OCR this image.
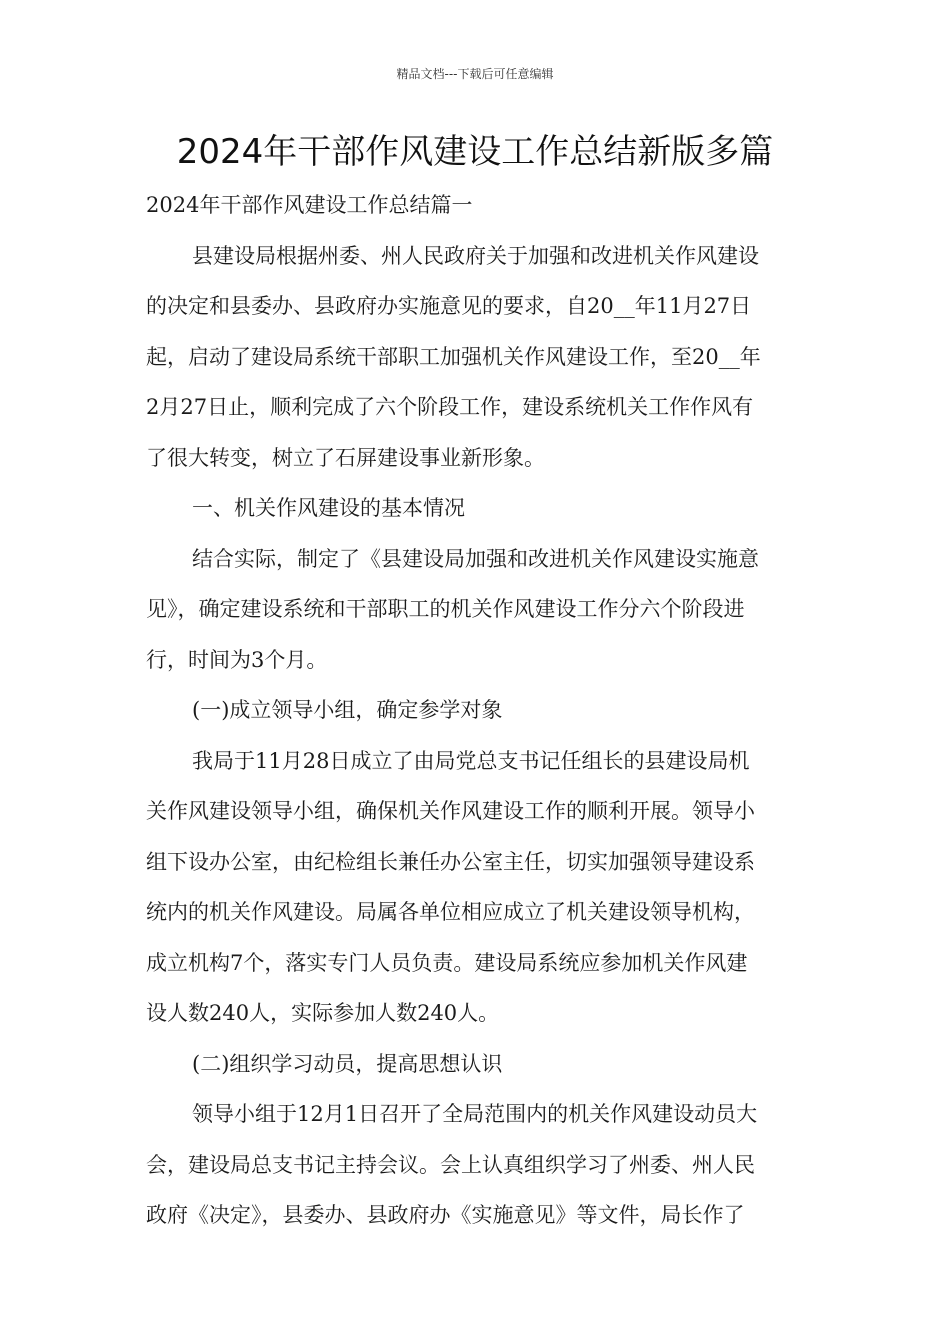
精品文档---下载后可任意编辑
2024年干部作风建设工作总结新版多篇
2024年干部作风建设工作总结篇一
县建设局根据州委、州人民政府关于加强和改进机关作风建设
的决定和县委办、县政府办实施意见的要求，自20__年11月27日
起，启动了建设局系统干部职工加强机关作风建设工作，至20__年
2月27日止，顺利完成了六个阶段工作，建设系统机关工作作风有
了很大转变，树立了石屏建设事业新形象。
一、机关作风建设的基本情况
结合实际，制定了《县建设局加强和改进机关作风建设实施意
见》，确定建设系统和干部职工的机关作风建设工作分六个阶段进
行，时间为3个月。
(一)成立领导小组，确定参学对象
我局于11月28日成立了由局党总支书记任组长的县建设局机
关作风建设领导小组，确保机关作风建设工作的顺利开展。领导小
组下设办公室，由纪检组长兼任办公室主任，切实加强领导建设系
统内的机关作风建设。局属各单位相应成立了机关建设领导机构，
成立机构7个，落实专门人员负责。建设局系统应参加机关作风建
设人数240人，实际参加人数240人。
(二)组织学习动员，提高思想认识
领导小组于12月1日召开了全局范围内的机关作风建设动员大
会，建设局总支书记主持会议。会上认真组织学习了州委、州人民
政府《决定》，县委办、县政府办《实施意见》等文件，局长作了
